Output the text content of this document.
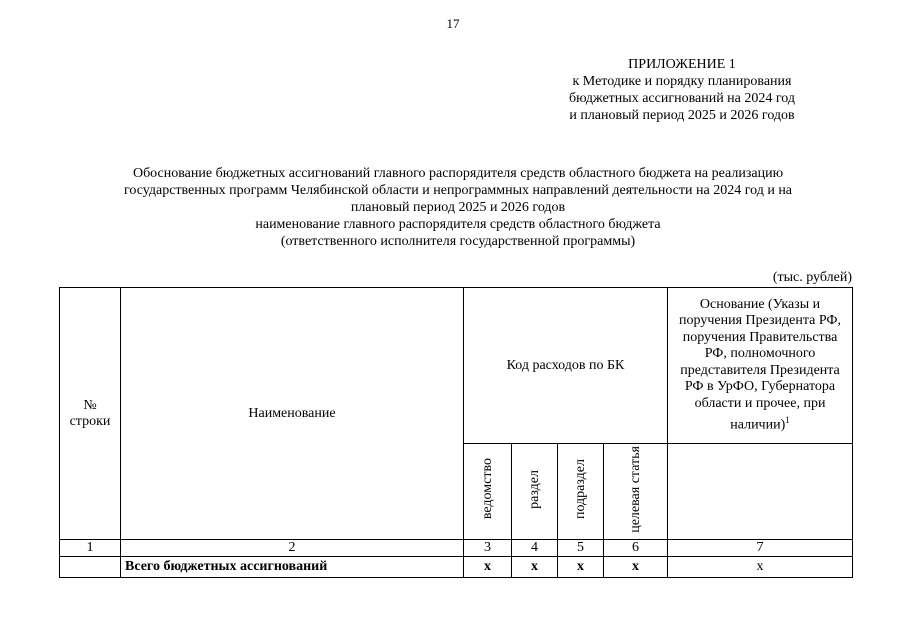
17
ПРИЛОЖЕНИЕ 1
к Методике и порядку планирования
бюджетных ассигнований на 2024 год
и плановый период 2025 и 2026 годов
Обоснование бюджетных ассигнований главного распорядителя средств областного бюджета на реализацию
государственных программ Челябинской области и непрограммных направлений деятельности на 2024 год и на
плановый период 2025 и 2026 годов
наименование главного распорядителя средств областного бюджета
(ответственного исполнителя государственной программы)
(тыс. рублей)
№ строки	Наименование	Код расходов по БК				Основание (Указы и поручения Президента РФ, поручения Правительства РФ, полномочного представителя Президента РФ в УрФО, Губернатора области и прочее, при наличии)$^1$
		ведомство	раздел	подраздел	целевая статья	
1	2	3	4	5	6	7
	Всего бюджетных ассигнований	х	х	х	х	х
